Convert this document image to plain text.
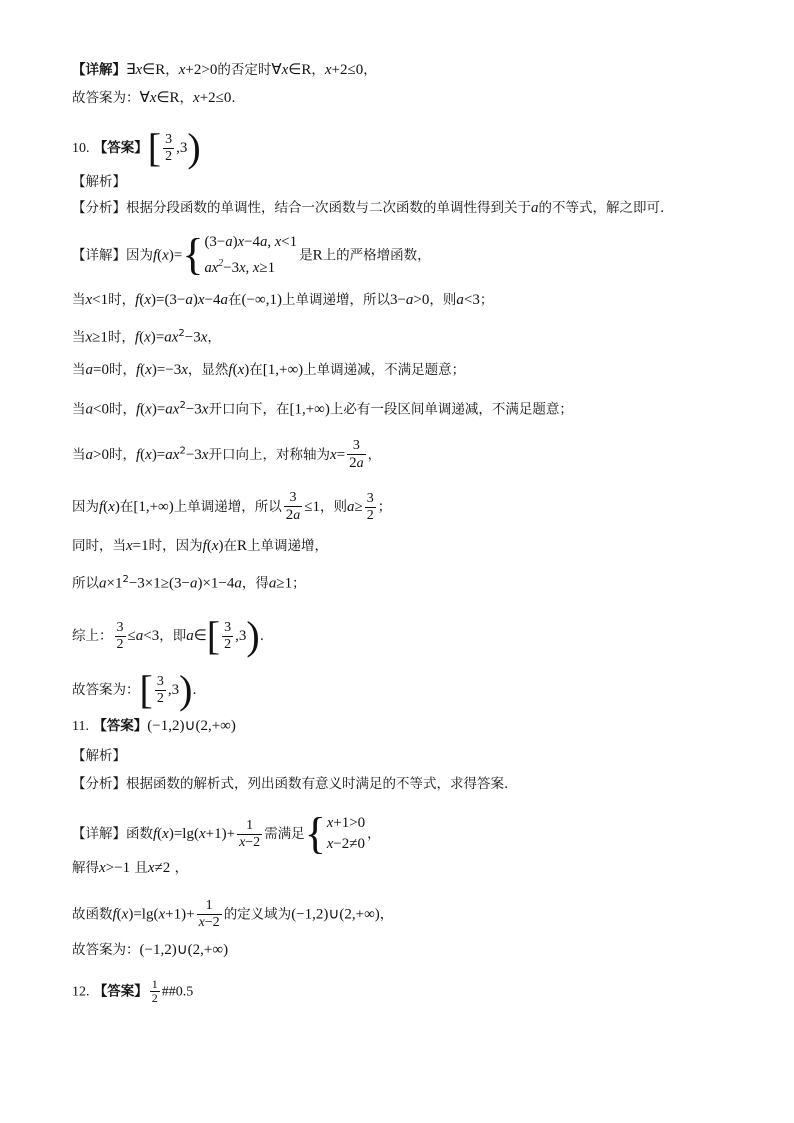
【详解】∃x∈R，x+2>0的否定时∀x∈R，x+2≤0，
故答案为：∀x∈R，x+2≤0.
10. 【答案】[ $\frac{3}{2} ,3$)
【解析】
【分析】根据分段函数的单调性，结合一次函数与二次函数的单调性得到关于a的不等式，解之即可.
【详解】因为f(x)={ (3−a)x−4a, x<1
$ax^2-3x$, x≥1
是R上的严格增函数，
当x<1时，f(x)=(3−a)x−4a在(−∞,1)上单调递增，所以3−a>0，则a<3；
当x≥1时，$f(x)=ax^2-3x$，
当a=0时，f(x)=−3x，显然f(x)在[1,+∞)上单调递减，不满足题意；
当a<0时，$f(x)=ax^2-3x$开口向下，在[1,+∞)上必有一段区间单调递减，不满足题意；
当a>0时，$f(x)=ax^2-3x$开口向上，对称轴为$x= \frac{3}{2a}$ ，
因为f(x)在[1,+∞)上单调递增，所以 $\frac{3}{2a} \le 1$，则$a\ge \frac{3}{2}$ ；
同时，当x=1时，因为f(x)在R上单调递增，
所以$a\times 1^2-3\times 1\ge(3-a)\times 1-4a$，得a≥1；
综上： $\frac{3}{2} \le a<3$，即a∈[ $\frac{3}{2} ,3$).
故答案为：[ $\frac{3}{2} ,3$).
11. 【答案】(−1,2)∪(2,+∞)
【解析】
【分析】根据函数的解析式，列出函数有意义时满足的不等式，求得答案.
【详解】函数$f(x)=\lg(x+1)+ \frac{1}{x-2}$ 需满足{ x+1>0
x−2≠0
，
解得x>−1 且x≠2 ，
故函数$f(x)=\lg(x+1)+ \frac{1}{x-2}$ 的定义域为(−1,2)∪(2,+∞)，
故答案为：(−1,2)∪(2,+∞)
12. 【答案】 $\frac{1}{2}$ ##0.5
